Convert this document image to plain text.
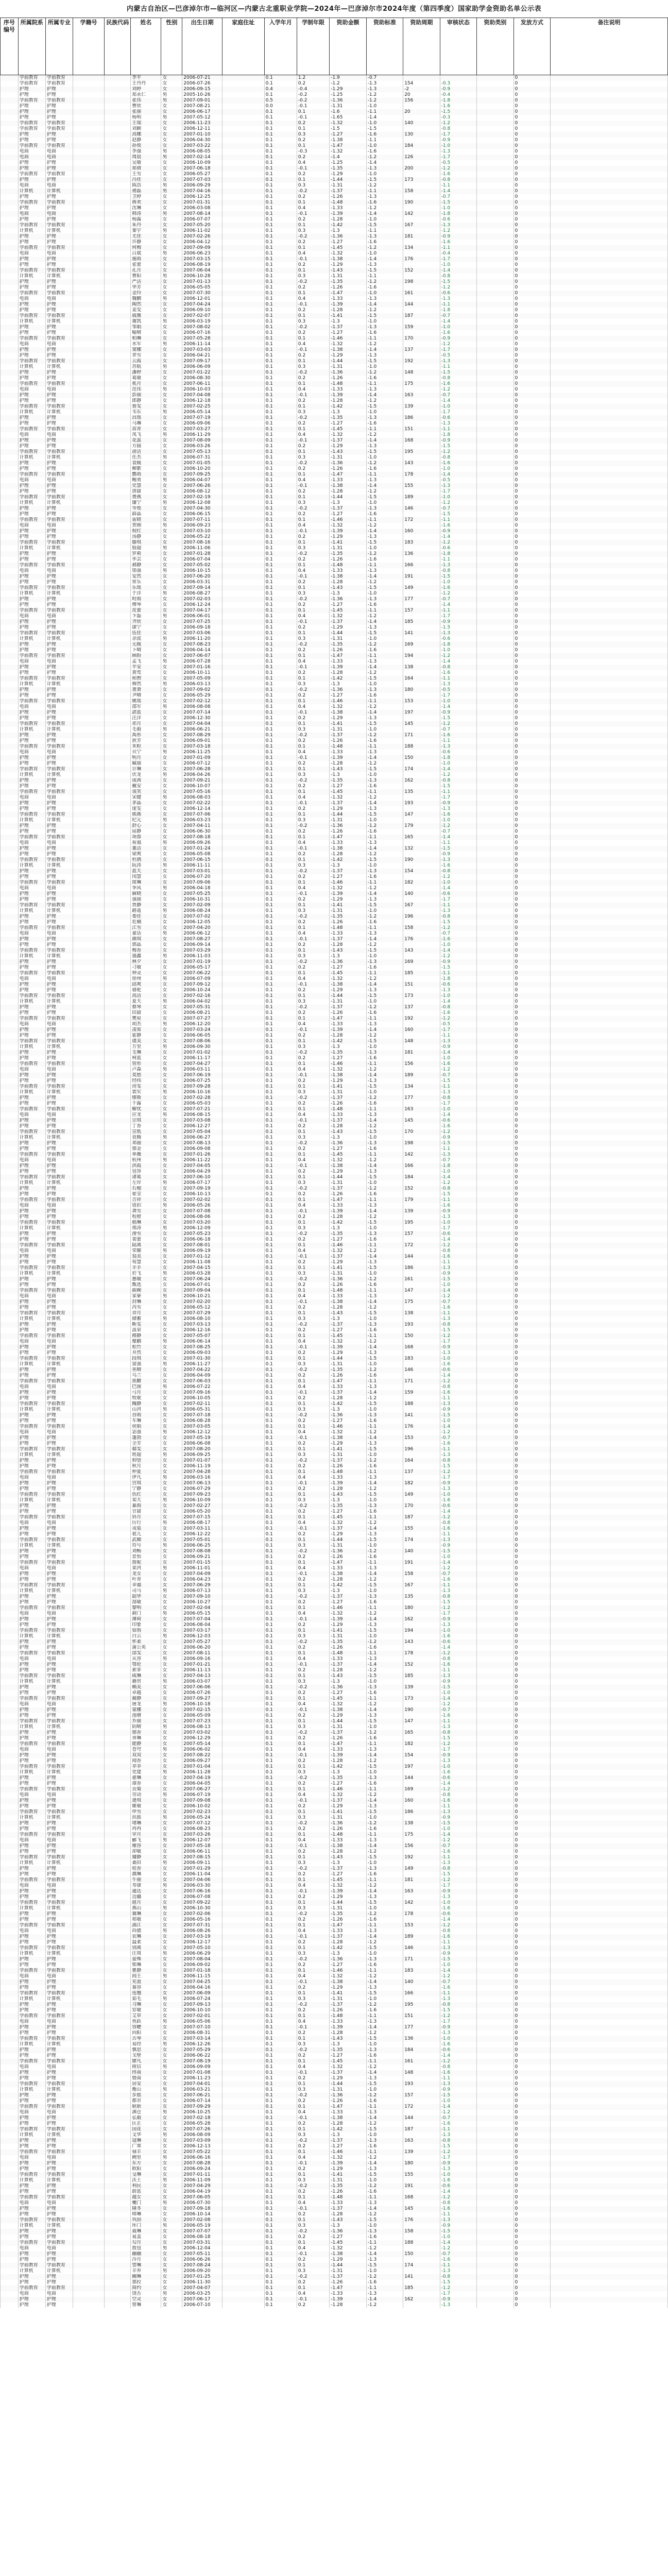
内蒙古自治区—巴彦淖尔市—临河区—内蒙古北重职业学院—2024年—巴彦淖尔市2024年度（第四季度）国家助学金资助名单公示表
序号编号	所属院系	所属专业	学籍号	民族代码	姓名	性别	出生日期	家庭住址	入学年月	学制年限	资助金额	资助标准	资助周期	审核状态	资助类别	发放方式	备注说明
	学前教育	学前教育			李平	女	2006-07-21		0.1	1.2	-1.9	-0.7				0	
	学前教育	学前教育			王丹丹	女	2006-07-26		0.1	0.2	-1.2	-1.3	154	-0.3		0	
	护理	护理			刘婷	女	2006-09-15		0.4	-0.4	-1.29	-1.3	-2	-0.9		0	
	护理	护理			郑永仁	男	2005-10-26		0.1	-0.2	-1.25	-1.2	20	-0.4		0	
	学前教育	学前教育			张伟	男	2007-09-01		0.5	-0.2	-1.36	-1.2	156	-1.8		0	
	护理	护理			曹欣	女	2007-08-21		0.0	-0.1	-1.31	-1.0		-1.6		0	
	护理	护理			张丽	女	2006-06-17		0.1	0.1	-1.6	-1.1	20	-1.5		0	
	护理	护理			杨明	男	2007-05-12		0.1	-0.1	-1.65	-1.4		-0.3		0	
	学前教育	学前教育			王瑞	女	2006-11-23		0.1	0.2	-1.32	-1.0	140	-1.2		0	
	学前教育	学前教育			刘颖	女	2006-12-11		0.1	0.1	-1.5	-1.5		-0.8		0	
	护理	护理			高娜	女	2007-01-10		0.1	0.3	-1.27	-1.6	130	-1.7		0	
	护理	护理			赵静	女	2006-04-30		0.1	0.2	-1.38	-1.1		-0.9		0	
	学前教育	学前教育			孙悦	女	2007-03-22		0.1	0.1	-1.47	-1.0	184	-1.0		0	
	电商	电商			李强	男	2006-08-05		0.1	-0.3	-1.32	-1.6		-1.3		0	
	电商	电商			周晨	男	2007-02-14		0.1	0.2	-1.4	-1.2	126	-1.7		0	
	护理	护理			吴敏	女	2006-10-09		0.1	0.4	-1.25	-1.4		-0.5		0	
	护理	护理			郑倩	女	2007-06-18		0.1	-0.1	-1.35	-1.3	200	-1.2		0	
	学前教育	学前教育			王雪	女	2006-05-27		0.1	0.2	-1.29	-1.0		-1.6		0	
	护理	护理			冯佳	女	2007-07-03		0.1	0.1	-1.44	-1.5	173	-0.8		0	
	电商	电商			陈浩	男	2006-09-29		0.1	0.3	-1.31	-1.2		-1.1		0	
	计算机	计算机			褚磊	男	2007-04-16		0.1	-0.2	-1.37	-1.1	158	-1.4		0	
	护理	护理			卫婷	女	2006-12-25		0.1	0.2	-1.26	-1.3		-0.7		0	
	学前教育	学前教育			蒋欢	女	2007-01-31		0.1	0.1	-1.48	-1.6	190	-1.5		0	
	护理	护理			沈琳	女	2006-03-08		0.1	0.4	-1.33	-1.2		-1.0		0	
	电商	电商			韩涛	男	2007-08-14		0.1	-0.1	-1.39	-1.4	142	-1.8		0	
	护理	护理			杨露	女	2006-07-07		0.1	0.2	-1.28	-1.0		-0.6		0	
	学前教育	学前教育			朱丹	女	2007-05-20		0.1	0.1	-1.42	-1.5	167	-1.3		0	
	计算机	计算机			秦宇	男	2006-11-02		0.1	0.3	-1.3	-1.1		-1.2		0	
	护理	护理			尤佳	女	2007-02-26		0.1	-0.2	-1.36	-1.3	181	-0.9		0	
	护理	护理			许静	女	2006-04-12		0.1	0.2	-1.27	-1.6		-1.6		0	
	学前教育	学前教育			何梅	女	2007-09-09		0.1	0.1	-1.45	-1.2	134	-1.1		0	
	电商	电商			吕斌	男	2006-06-23		0.1	0.4	-1.32	-1.0		-0.4		0	
	护理	护理			施雨	女	2007-03-15		0.1	-0.1	-1.38	-1.4	176	-1.7		0	
	护理	护理			张蕾	女	2006-08-19		0.1	0.2	-1.29	-1.3		-1.0		0	
	学前教育	学前教育			孔月	女	2007-06-04		0.1	0.1	-1.43	-1.5	152	-1.4		0	
	计算机	计算机			曹阳	男	2006-10-28		0.1	0.3	-1.31	-1.1		-0.8		0	
	护理	护理			严洁	女	2007-01-13		0.1	-0.2	-1.35	-1.2	198	-1.5		0	
	护理	护理			华芳	女	2006-05-05		0.1	0.2	-1.26	-1.6		-1.2		0	
	学前教育	学前教育			金玲	女	2007-07-30		0.1	0.1	-1.47	-1.0	161	-0.6		0	
	电商	电商			魏鹏	男	2006-12-01		0.1	0.4	-1.33	-1.3		-1.3		0	
	护理	护理			陶然	女	2007-04-24		0.1	-0.1	-1.39	-1.4	144	-1.1		0	
	护理	护理			姜雯	女	2006-09-10		0.1	0.2	-1.28	-1.2		-1.8		0	
	学前教育	学前教育			戚薇	女	2007-02-07		0.1	0.1	-1.41	-1.5	187	-0.7		0	
	计算机	计算机			谢凯	男	2006-03-19		0.1	0.3	-1.3	-1.0		-1.4		0	
	护理	护理			邹娟	女	2007-08-02		0.1	-0.2	-1.37	-1.3	159	-1.0		0	
	护理	护理			喻晴	女	2006-07-16		0.1	0.2	-1.27	-1.6		-1.6		0	
	学前教育	学前教育			柏琳	女	2007-05-28		0.1	0.1	-1.46	-1.1	170	-0.9		0	
	电商	电商			水军	男	2006-11-14		0.1	0.4	-1.32	-1.2		-1.2		0	
	护理	护理			窦娜	女	2007-03-03		0.1	-0.1	-1.38	-1.4	137	-1.7		0	
	护理	护理			章雪	女	2006-04-21		0.1	0.2	-1.29	-1.3		-0.5		0	
	学前教育	学前教育			云霞	女	2007-09-17		0.1	0.1	-1.44	-1.5	192	-1.3		0	
	计算机	计算机			苏航	男	2006-06-09		0.1	0.3	-1.31	-1.0		-1.1		0	
	护理	护理			潘婷	女	2007-01-22		0.1	-0.2	-1.36	-1.2	148	-1.5		0	
	护理	护理			葛敏	女	2006-08-30		0.1	0.2	-1.26	-1.6		-0.8		0	
	学前教育	学前教育			奚月	女	2007-06-11		0.1	0.1	-1.48	-1.1	175	-1.6		0	
	电商	电商			范伟	男	2006-10-03		0.1	0.4	-1.33	-1.3		-1.2		0	
	护理	护理			彭丽	女	2007-04-08		0.1	-0.1	-1.39	-1.4	163	-0.7		0	
	护理	护理			郎静	女	2006-12-18		0.1	0.2	-1.28	-1.2		-1.4		0	
	学前教育	学前教育			鲁雯	女	2007-02-25		0.1	0.1	-1.42	-1.5	139	-1.0		0	
	计算机	计算机			韦东	男	2006-05-14		0.1	0.3	-1.3	-1.0		-1.7		0	
	护理	护理			昌瑶	女	2007-07-19		0.1	-0.2	-1.35	-1.3	186	-0.6		0	
	护理	护理			马琳	女	2006-09-06		0.1	0.2	-1.27	-1.6		-1.3		0	
	学前教育	学前教育			苗青	女	2007-03-27		0.1	0.1	-1.45	-1.1	151	-1.1		0	
	电商	电商			凤飞	男	2006-11-29		0.1	0.4	-1.32	-1.2		-1.8		0	
	护理	护理			花蕊	女	2007-08-09		0.1	-0.1	-1.37	-1.4	168	-0.9		0	
	护理	护理			方圆	女	2006-03-26		0.1	0.2	-1.29	-1.3		-1.5		0	
	学前教育	学前教育			俞洁	女	2007-05-13		0.1	0.1	-1.43	-1.5	195	-1.2		0	
	计算机	计算机			任杰	男	2006-07-31		0.1	0.3	-1.31	-1.0		-0.8		0	
	护理	护理			袁媛	女	2007-01-05		0.1	-0.2	-1.36	-1.2	143	-1.6		0	
	护理	护理			柳絮	女	2006-10-20		0.1	0.2	-1.26	-1.6		-1.0		0	
	学前教育	学前教育			酆雨	女	2007-09-25		0.1	0.1	-1.47	-1.1	178	-1.4		0	
	电商	电商			鲍勇	男	2006-04-07		0.1	0.4	-1.33	-1.3		-0.5		0	
	护理	护理			史慧	女	2007-06-26		0.1	-0.1	-1.38	-1.4	155	-1.3		0	
	护理	护理			唐甜	女	2006-08-12		0.1	0.2	-1.28	-1.2		-1.7		0	
	学前教育	学前教育			费燕	女	2007-02-19		0.1	0.1	-1.44	-1.5	189	-1.0		0	
	计算机	计算机			廉宁	男	2006-12-08		0.1	0.3	-1.3	-1.0		-1.2		0	
	护理	护理			岑悦	女	2007-04-30		0.1	-0.2	-1.37	-1.3	146	-0.7		0	
	护理	护理			薛晶	女	2006-06-15		0.1	0.2	-1.27	-1.6		-1.5		0	
	学前教育	学前教育			雷晓	女	2007-07-11		0.1	0.1	-1.46	-1.1	172	-1.1		0	
	电商	电商			贺刚	男	2006-09-23		0.1	0.4	-1.32	-1.2		-1.6		0	
	护理	护理			倪红	女	2007-03-10		0.1	-0.1	-1.39	-1.4	160	-0.9		0	
	护理	护理			汤静	女	2006-05-22		0.1	0.2	-1.29	-1.3		-1.4		0	
	学前教育	学前教育			滕琪	女	2007-08-16		0.1	0.1	-1.41	-1.5	183	-1.2		0	
	计算机	计算机			殷超	男	2006-11-06		0.1	0.3	-1.31	-1.0		-0.6		0	
	护理	护理			罗莉	女	2007-01-28		0.1	-0.2	-1.35	-1.2	136	-1.8		0	
	护理	护理			毕芸	女	2006-07-04		0.1	0.2	-1.26	-1.6		-1.1		0	
	学前教育	学前教育			郝静	女	2007-05-02		0.1	0.1	-1.48	-1.1	166	-1.3		0	
	电商	电商			邬强	男	2006-10-15		0.1	0.4	-1.33	-1.3		-0.8		0	
	护理	护理			安然	女	2007-06-20		0.1	-0.1	-1.38	-1.4	191	-1.5		0	
	护理	护理			常乐	女	2006-03-31		0.1	0.2	-1.28	-1.2		-1.0		0	
	学前教育	学前教育			乐瑶	女	2007-09-14		0.1	0.1	-1.43	-1.5	149	-1.6		0	
	计算机	计算机			于洋	男	2006-08-27		0.1	0.3	-1.3	-1.0		-1.2		0	
	护理	护理			时雨	女	2007-02-03		0.1	-0.2	-1.36	-1.3	177	-0.7		0	
	护理	护理			傅琴	女	2006-12-24		0.1	0.2	-1.27	-1.6		-1.4		0	
	学前教育	学前教育			皮蕾	女	2007-04-17		0.1	0.1	-1.45	-1.1	157	-1.1		0	
	电商	电商			卞磊	男	2006-06-01		0.1	0.4	-1.32	-1.2		-1.7		0	
	护理	护理			齐欣	女	2007-07-25		0.1	-0.1	-1.37	-1.4	185	-0.9		0	
	护理	护理			康宁	女	2006-09-18		0.1	0.2	-1.29	-1.3		-1.5		0	
	学前教育	学前教育			伍佳	女	2007-03-06		0.1	0.1	-1.44	-1.5	141	-1.3		0	
	计算机	计算机			余波	男	2006-11-20		0.1	0.3	-1.31	-1.0		-0.6		0	
	护理	护理			元媛	女	2007-08-23		0.1	-0.2	-1.35	-1.2	169	-1.8		0	
	护理	护理			卜晴	女	2006-04-14		0.1	0.2	-1.26	-1.6		-1.0		0	
	学前教育	学前教育			顾盼	女	2007-06-07		0.1	0.1	-1.47	-1.1	194	-1.2		0	
	电商	电商			孟飞	男	2006-07-28		0.1	0.4	-1.33	-1.3		-1.4		0	
	护理	护理			平安	女	2007-01-16		0.1	-0.1	-1.39	-1.4	138	-0.8		0	
	护理	护理			黄莺	女	2006-10-11		0.1	0.2	-1.28	-1.2		-1.6		0	
	学前教育	学前教育			和煦	女	2007-05-09		0.1	0.1	-1.42	-1.5	164	-1.1		0	
	计算机	计算机			穆然	男	2006-03-13		0.1	0.3	-1.3	-1.0		-1.3		0	
	护理	护理			萧萧	女	2007-09-02		0.1	-0.2	-1.36	-1.3	180	-0.5		0	
	护理	护理			尹晴	女	2006-05-29		0.1	0.2	-1.27	-1.6		-1.7		0	
	学前教育	学前教育			姚瑶	女	2007-02-12		0.1	0.1	-1.46	-1.1	153	-1.0		0	
	电商	电商			邵军	男	2006-08-08		0.1	0.4	-1.32	-1.2		-1.4		0	
	护理	护理			湛蓝	女	2007-07-14		0.1	-0.1	-1.38	-1.4	197	-0.9		0	
	护理	护理			汪洋	女	2006-12-30		0.1	0.2	-1.29	-1.3		-1.5		0	
	学前教育	学前教育			祁月	女	2007-04-04		0.1	0.1	-1.41	-1.5	145	-1.2		0	
	计算机	计算机			毛毅	男	2006-06-21		0.1	0.3	-1.31	-1.0		-0.7		0	
	护理	护理			禹彤	女	2007-08-29		0.1	-0.2	-1.37	-1.2	171	-1.6		0	
	护理	护理			狄芳	女	2006-09-01		0.1	0.2	-1.26	-1.6		-1.1		0	
	学前教育	学前教育			米粒	女	2007-03-18		0.1	0.1	-1.48	-1.1	188	-1.3		0	
	电商	电商			贝宁	男	2006-11-25		0.1	0.4	-1.33	-1.3		-0.6		0	
	护理	护理			明月	女	2007-01-09		0.1	-0.1	-1.39	-1.4	150	-1.8		0	
	护理	护理			臧丽	女	2006-07-12		0.1	0.2	-1.28	-1.2		-1.0		0	
	学前教育	学前教育			计琳	女	2007-06-28		0.1	0.1	-1.43	-1.5	174	-1.4		0	
	计算机	计算机			伏龙	男	2006-04-26		0.1	0.3	-1.3	-1.0		-1.2		0	
	护理	护理			成茜	女	2007-09-21		0.1	-0.2	-1.35	-1.3	162	-0.8		0	
	护理	护理			戴安	女	2006-10-07		0.1	0.2	-1.27	-1.6		-1.5		0	
	学前教育	学前教育			谈笑	女	2007-05-16		0.1	0.1	-1.45	-1.1	135	-1.1		0	
	电商	电商			宋健	男	2006-08-03		0.1	0.4	-1.32	-1.2		-1.7		0	
	护理	护理			茅晶	女	2007-02-22		0.1	-0.1	-1.37	-1.4	193	-0.9		0	
	护理	护理			庞雯	女	2006-12-14		0.1	0.2	-1.29	-1.3		-1.3		0	
	学前教育	学前教育			熊燕	女	2007-07-06		0.1	0.1	-1.44	-1.5	147	-1.6		0	
	计算机	计算机			纪元	男	2006-03-23		0.1	0.3	-1.31	-1.0		-1.0		0	
	护理	护理			舒心	女	2007-04-11		0.1	-0.2	-1.36	-1.2	179	-1.2		0	
	护理	护理			屈静	女	2006-06-30		0.1	0.2	-1.26	-1.6		-0.7		0	
	学前教育	学前教育			项蓉	女	2007-08-18		0.1	0.1	-1.47	-1.1	165	-1.4		0	
	电商	电商			祝福	男	2006-09-26		0.1	0.4	-1.33	-1.3		-1.1		0	
	护理	护理			董洁	女	2007-01-24		0.1	-0.1	-1.38	-1.4	132	-1.5		0	
	护理	护理			梁爽	女	2006-05-08		0.1	0.2	-1.28	-1.2		-0.9		0	
	学前教育	学前教育			杜鹃	女	2007-06-15		0.1	0.1	-1.42	-1.5	190	-1.3		0	
	计算机	计算机			阮涛	男	2006-11-11		0.1	0.3	-1.3	-1.0		-1.6		0	
	护理	护理			蓝天	女	2007-03-01		0.1	-0.2	-1.37	-1.3	154	-0.8		0	
	护理	护理			闵慧	女	2006-07-20		0.1	0.2	-1.27	-1.6		-1.2		0	
	学前教育	学前教育			席琳	女	2007-09-06		0.1	0.1	-1.46	-1.1	182	-1.0		0	
	电商	电商			季风	男	2006-04-18		0.1	0.4	-1.32	-1.2		-1.4		0	
	护理	护理			麻晓	女	2007-05-25		0.1	-0.1	-1.39	-1.4	140	-0.6		0	
	护理	护理			强丽	女	2006-10-31		0.1	0.2	-1.29	-1.3		-1.7		0	
	学前教育	学前教育			贾静	女	2007-02-09		0.1	0.1	-1.41	-1.5	167	-1.1		0	
	计算机	计算机			路遥	男	2006-08-24		0.1	0.3	-1.31	-1.0		-1.3		0	
	护理	护理			娄佳	女	2007-07-02		0.1	-0.2	-1.35	-1.2	196	-0.8		0	
	护理	护理			危楠	女	2006-12-05		0.1	0.2	-1.26	-1.6		-1.5		0	
	学前教育	学前教育			江雪	女	2007-04-20		0.1	0.1	-1.48	-1.1	158	-1.2		0	
	电商	电商			童话	男	2006-06-12		0.1	0.4	-1.33	-1.3		-0.7		0	
	护理	护理			颜琪	女	2007-08-27		0.1	-0.1	-1.37	-1.4	176	-1.6		0	
	护理	护理			郭晶	女	2006-09-14		0.1	0.2	-1.28	-1.2		-1.0		0	
	学前教育	学前教育			梅香	女	2007-03-29		0.1	0.1	-1.43	-1.5	143	-1.4		0	
	计算机	计算机			盛鑫	男	2006-11-03		0.1	0.3	-1.3	-1.0		-1.2		0	
	护理	护理			林夕	女	2007-01-19		0.1	-0.2	-1.36	-1.3	169	-0.9		0	
	护理	护理			刁敏	女	2006-05-17		0.1	0.2	-1.27	-1.6		-1.5		0	
	学前教育	学前教育			钟灵	女	2007-06-22		0.1	0.1	-1.45	-1.1	185	-1.1		0	
	电商	电商			徐州	男	2006-07-09		0.1	0.4	-1.32	-1.2		-1.8		0	
	护理	护理			邱爽	女	2007-09-12		0.1	-0.1	-1.38	-1.4	151	-0.6		0	
	护理	护理			骆驼	女	2006-10-24		0.1	0.2	-1.29	-1.3		-1.3		0	
	学前教育	学前教育			高洁	女	2007-02-16		0.1	0.1	-1.44	-1.5	173	-1.0		0	
	计算机	计算机			夏天	男	2006-04-02		0.1	0.3	-1.31	-1.0		-1.4		0	
	护理	护理			蔡琴	女	2007-05-31		0.1	-0.2	-1.37	-1.2	137	-0.8		0	
	护理	护理			田甜	女	2006-08-21		0.1	0.2	-1.26	-1.6		-1.6		0	
	学前教育	学前教育			樊星	女	2007-07-27		0.1	0.1	-1.47	-1.1	192	-1.2		0	
	电商	电商			胡杰	男	2006-12-20		0.1	0.4	-1.33	-1.3		-0.5		0	
	护理	护理			凌霄	女	2007-03-24		0.1	-0.1	-1.39	-1.4	160	-1.7		0	
	护理	护理			霍静	女	2006-06-05		0.1	0.2	-1.28	-1.2		-1.1		0	
	学前教育	学前教育			虞美	女	2007-08-06		0.1	0.1	-1.42	-1.5	148	-1.3		0	
	计算机	计算机			万里	男	2006-09-30		0.1	0.3	-1.3	-1.0		-0.9		0	
	护理	护理			支琳	女	2007-01-02		0.1	-0.2	-1.35	-1.3	181	-1.4		0	
	护理	护理			柯蓝	女	2006-11-17		0.1	0.2	-1.27	-1.6		-1.0		0	
	学前教育	学前教育			管彤	女	2007-04-27		0.1	0.1	-1.46	-1.1	156	-1.6		0	
	电商	电商			卢森	男	2006-03-11		0.1	0.4	-1.32	-1.2		-1.2		0	
	护理	护理			莫愁	女	2007-06-19		0.1	-0.1	-1.38	-1.4	189	-0.7		0	
	护理	护理			经纬	女	2006-07-25		0.1	0.2	-1.29	-1.3		-1.5		0	
	学前教育	学前教育			房雯	女	2007-09-28		0.1	0.1	-1.41	-1.5	134	-1.1		0	
	计算机	计算机			裘实	男	2006-10-16		0.1	0.3	-1.31	-1.0		-1.3		0	
	护理	护理			缪斯	女	2007-02-28		0.1	-0.2	-1.37	-1.2	177	-0.8		0	
	护理	护理			干露	女	2006-05-03		0.1	0.2	-1.26	-1.6		-1.7		0	
	学前教育	学前教育			解忧	女	2007-07-21		0.1	0.1	-1.48	-1.1	163	-1.0		0	
	电商	电商			应龙	男	2006-08-15		0.1	0.4	-1.33	-1.3		-1.4		0	
	护理	护理			宗琪	女	2007-03-08		0.1	-0.1	-1.37	-1.4	145	-0.6		0	
	护理	护理			丁香	女	2006-12-27		0.1	0.2	-1.28	-1.2		-1.6		0	
	学前教育	学前教育			宣纸	女	2007-05-04		0.1	0.1	-1.43	-1.5	170	-1.2		0	
	计算机	计算机			贲腾	男	2006-06-27		0.1	0.3	-1.3	-1.0		-0.9		0	
	护理	护理			邓丽	女	2007-08-13		0.1	-0.2	-1.36	-1.3	198	-1.5		0	
	护理	护理			郁金	女	2006-09-08		0.1	0.2	-1.27	-1.6		-1.1		0	
	学前教育	学前教育			单薇	女	2007-01-26		0.1	0.1	-1.45	-1.1	142	-1.3		0	
	电商	电商			杭州	男	2006-11-22		0.1	0.4	-1.32	-1.2		-0.7		0	
	护理	护理			洪霞	女	2007-04-05		0.1	-0.1	-1.38	-1.4	166	-1.8		0	
	护理	护理			包容	女	2006-04-29		0.1	0.2	-1.29	-1.3		-1.0		0	
	学前教育	学前教育			诸葛	女	2007-06-10		0.1	0.1	-1.44	-1.5	184	-1.4		0	
	计算机	计算机			左岸	男	2006-07-17		0.1	0.3	-1.31	-1.0		-1.2		0	
	护理	护理			石榴	女	2007-09-19		0.1	-0.2	-1.37	-1.2	152	-0.8		0	
	护理	护理			崔莹	女	2006-10-13		0.1	0.2	-1.26	-1.6		-1.5		0	
	学前教育	学前教育			吉祥	女	2007-02-02		0.1	0.1	-1.47	-1.1	179	-1.1		0	
	电商	电商			钮扣	男	2006-05-26		0.1	0.4	-1.33	-1.3		-1.6		0	
	护理	护理			龚雪	女	2007-07-08		0.1	-0.1	-1.39	-1.4	139	-0.9		0	
	护理	护理			程橙	女	2006-08-06		0.1	0.2	-1.28	-1.2		-1.3		0	
	学前教育	学前教育			嵇琳	女	2007-03-20		0.1	0.1	-1.42	-1.5	195	-1.0		0	
	计算机	计算机			邢涛	男	2006-12-09		0.1	0.3	-1.3	-1.0		-1.7		0	
	护理	护理			滑雪	女	2007-05-23		0.1	-0.2	-1.35	-1.3	157	-0.6		0	
	护理	护理			裴蕾	女	2006-06-18		0.1	0.2	-1.27	-1.6		-1.4		0	
	学前教育	学前教育			陆离	女	2007-08-01		0.1	0.1	-1.46	-1.1	172	-1.2		0	
	电商	电商			荣耀	男	2006-09-19		0.1	0.4	-1.32	-1.2		-0.8		0	
	护理	护理			翁美	女	2007-01-12		0.1	-0.1	-1.37	-1.4	144	-1.6		0	
	护理	护理			荀慧	女	2006-11-08		0.1	0.2	-1.29	-1.3		-1.1		0	
	学前教育	学前教育			羊羊	女	2007-04-15		0.1	0.1	-1.41	-1.5	186	-1.3		0	
	计算机	计算机			於飞	男	2006-03-28		0.1	0.3	-1.31	-1.0		-0.9		0	
	护理	护理			惠敏	女	2007-06-24		0.1	-0.2	-1.36	-1.2	161	-1.5		0	
	护理	护理			甄选	女	2006-07-01		0.1	0.2	-1.26	-1.6		-1.0		0	
	学前教育	学前教育			曲婉	女	2007-09-04		0.1	0.1	-1.48	-1.1	147	-1.4		0	
	电商	电商			家豪	男	2006-10-21		0.1	0.4	-1.33	-1.3		-1.2		0	
	护理	护理			封琳	女	2007-02-20		0.1	-0.1	-1.38	-1.4	175	-0.7		0	
	护理	护理			芮雪	女	2006-05-12		0.1	0.2	-1.28	-1.2		-1.6		0	
	学前教育	学前教育			羿月	女	2007-07-29		0.1	0.1	-1.43	-1.5	138	-1.1		0	
	计算机	计算机			储蓄	男	2006-08-10		0.1	0.3	-1.3	-1.0		-1.3		0	
	护理	护理			靳雯	女	2007-03-13		0.1	-0.2	-1.37	-1.3	193	-0.8		0	
	护理	护理			汲泉	女	2006-12-16		0.1	0.2	-1.27	-1.6		-1.5		0	
	学前教育	学前教育			邴静	女	2007-05-07		0.1	0.1	-1.45	-1.1	150	-1.2		0	
	电商	电商			糜鹏	男	2006-06-14		0.1	0.4	-1.32	-1.2		-1.7		0	
	护理	护理			松竹	女	2007-08-25		0.1	-0.1	-1.39	-1.4	168	-0.9		0	
	护理	护理			井然	女	2006-09-03		0.1	0.2	-1.29	-1.3		-1.3		0	
	学前教育	学前教育			段琪	女	2007-01-30		0.1	0.1	-1.44	-1.5	183	-1.0		0	
	计算机	计算机			富强	男	2006-11-27		0.1	0.3	-1.31	-1.0		-1.6		0	
	护理	护理			巫晴	女	2007-04-22		0.1	-0.2	-1.35	-1.2	146	-0.6		0	
	护理	护理			乌兰	女	2006-04-09		0.1	0.2	-1.26	-1.6		-1.4		0	
	学前教育	学前教育			焦糖	女	2007-06-03		0.1	0.1	-1.47	-1.1	171	-1.2		0	
	电商	电商			巴图	男	2006-07-22		0.1	0.4	-1.33	-1.3		-0.8		0	
	护理	护理			弓月	女	2007-09-16		0.1	-0.1	-1.37	-1.4	159	-1.6		0	
	护理	护理			牧歌	女	2006-10-05		0.1	0.2	-1.28	-1.2		-1.1		0	
	学前教育	学前教育			隗静	女	2007-02-11		0.1	0.1	-1.42	-1.5	188	-1.3		0	
	计算机	计算机			山河	男	2006-05-31		0.1	0.3	-1.3	-1.0		-0.9		0	
	护理	护理			谷雨	女	2007-07-18		0.1	-0.2	-1.36	-1.3	141	-1.5		0	
	护理	护理			车琳	女	2006-08-28		0.1	0.2	-1.27	-1.6		-1.0		0	
	学前教育	学前教育			侯娟	女	2007-03-05		0.1	0.1	-1.46	-1.1	176	-1.4		0	
	电商	电商			宓强	男	2006-12-12		0.1	0.4	-1.32	-1.2		-1.2		0	
	护理	护理			蓬勃	女	2007-05-19		0.1	-0.1	-1.38	-1.4	153	-0.7		0	
	护理	护理			全芳	女	2006-06-08		0.1	0.2	-1.29	-1.3		-1.6		0	
	学前教育	学前教育			郗雯	女	2007-08-20		0.1	0.1	-1.41	-1.5	196	-1.1		0	
	计算机	计算机			班超	男	2006-09-25		0.1	0.3	-1.31	-1.0		-1.3		0	
	护理	护理			仰望	女	2007-01-07		0.1	-0.2	-1.37	-1.2	164	-0.8		0	
	护理	护理			秋月	女	2006-11-19		0.1	0.2	-1.26	-1.6		-1.5		0	
	学前教育	学前教育			仲夏	女	2007-04-28		0.1	0.1	-1.48	-1.1	137	-1.2		0	
	电商	电商			伊凡	男	2006-03-16		0.1	0.4	-1.33	-1.3		-1.7		0	
	护理	护理			宫琪	女	2007-06-13		0.1	-0.1	-1.39	-1.4	182	-0.9		0	
	护理	护理			宁静	女	2006-07-29		0.1	0.2	-1.28	-1.2		-1.3		0	
	学前教育	学前教育			仇红	女	2007-09-23		0.1	0.1	-1.43	-1.5	149	-1.0		0	
	计算机	计算机			栾天	男	2006-10-09		0.1	0.3	-1.3	-1.0		-1.6		0	
	护理	护理			暴雨	女	2007-02-27		0.1	-0.2	-1.35	-1.3	170	-0.6		0	
	护理	护理			甘甜	女	2006-05-20		0.1	0.2	-1.27	-1.6		-1.4		0	
	学前教育	学前教育			钭月	女	2007-07-15		0.1	0.1	-1.45	-1.1	187	-1.2		0	
	电商	电商			厉行	男	2006-08-17		0.1	0.4	-1.32	-1.2		-0.8		0	
	护理	护理			戎装	女	2007-03-11		0.1	-0.1	-1.37	-1.4	155	-1.6		0	
	护理	护理			祖儿	女	2006-12-22		0.1	0.2	-1.29	-1.3		-1.1		0	
	学前教育	学前教育			武媚	女	2007-05-01		0.1	0.1	-1.44	-1.5	174	-1.3		0	
	计算机	计算机			符号	男	2006-06-25		0.1	0.3	-1.31	-1.0		-0.9		0	
	护理	护理			刘畅	女	2007-08-08		0.1	-0.2	-1.36	-1.2	140	-1.5		0	
	护理	护理			景怡	女	2006-09-21		0.1	0.2	-1.26	-1.6		-1.0		0	
	学前教育	学前教育			詹妮	女	2007-01-15		0.1	0.1	-1.47	-1.1	191	-1.4		0	
	电商	电商			束河	男	2006-11-01		0.1	0.4	-1.33	-1.3		-1.2		0	
	护理	护理			龙女	女	2007-04-09		0.1	-0.1	-1.38	-1.4	158	-0.7		0	
	护理	护理			叶青	女	2006-04-23		0.1	0.2	-1.28	-1.2		-1.6		0	
	学前教育	学前教育			幸福	女	2007-06-29		0.1	0.1	-1.42	-1.5	167	-1.1		0	
	计算机	计算机			司马	男	2006-07-13		0.1	0.3	-1.3	-1.0		-1.3		0	
	护理	护理			韶华	女	2007-09-10		0.1	-0.2	-1.37	-1.3	135	-0.8		0	
	护理	护理			郜敏	女	2006-10-27		0.1	0.2	-1.27	-1.6		-1.5		0	
	学前教育	学前教育			黎明	女	2007-02-04		0.1	0.1	-1.46	-1.1	180	-1.2		0	
	电商	电商			蓟门	男	2006-05-15		0.1	0.4	-1.32	-1.2		-1.7		0	
	护理	护理			薄荷	女	2007-07-04		0.1	-0.1	-1.39	-1.4	162	-0.9		0	
	护理	护理			印象	女	2006-08-04		0.1	0.2	-1.29	-1.3		-1.3		0	
	学前教育	学前教育			宿雨	女	2007-03-17		0.1	0.1	-1.41	-1.5	194	-1.0		0	
	计算机	计算机			白云	男	2006-12-03		0.1	0.3	-1.31	-1.0		-1.6		0	
	护理	护理			怀柔	女	2007-05-27		0.1	-0.2	-1.35	-1.2	143	-0.6		0	
	护理	护理			蒲公英	女	2006-06-20		0.1	0.2	-1.26	-1.6		-1.4		0	
	学前教育	学前教育			邰雯	女	2007-08-11		0.1	0.1	-1.48	-1.1	178	-1.2		0	
	电商	电商			从容	男	2006-09-16		0.1	0.4	-1.33	-1.3		-0.8		0	
	护理	护理			鄂伦	女	2007-01-21		0.1	-0.1	-1.37	-1.4	152	-1.6		0	
	护理	护理			索菲	女	2006-11-13		0.1	0.2	-1.28	-1.2		-1.1		0	
	学前教育	学前教育			咸琳	女	2007-04-13		0.1	0.1	-1.43	-1.5	185	-1.3		0	
	计算机	计算机			籍贯	男	2006-03-07		0.1	0.3	-1.3	-1.0		-0.9		0	
	护理	护理			赖美	女	2007-06-06		0.1	-0.2	-1.36	-1.3	139	-1.5		0	
	护理	护理			卓越	女	2006-07-26		0.1	0.2	-1.27	-1.6		-1.0		0	
	学前教育	学前教育			蔺静	女	2007-09-27		0.1	0.1	-1.45	-1.1	173	-1.4		0	
	电商	电商			屠龙	男	2006-10-18		0.1	0.4	-1.32	-1.2		-1.2		0	
	护理	护理			蒙娜	女	2007-02-15		0.1	-0.1	-1.38	-1.4	190	-0.7		0	
	护理	护理			池塘	女	2006-05-09		0.1	0.2	-1.29	-1.3		-1.6		0	
	学前教育	学前教育			乔丽	女	2007-07-23		0.1	0.1	-1.44	-1.5	147	-1.1		0	
	计算机	计算机			阴晴	男	2006-08-13		0.1	0.3	-1.31	-1.0		-1.3		0	
	护理	护理			郁香	女	2007-03-02		0.1	-0.2	-1.37	-1.2	165	-0.8		0	
	护理	护理			胥琳	女	2006-12-29		0.1	0.2	-1.26	-1.6		-1.5		0	
	学前教育	学前教育			能静	女	2007-05-14		0.1	0.1	-1.47	-1.1	182	-1.2		0	
	电商	电商			苍穹	男	2006-06-02		0.1	0.4	-1.33	-1.3		-1.7		0	
	护理	护理			双双	女	2007-08-22		0.1	-0.1	-1.39	-1.4	154	-0.9		0	
	护理	护理			闻香	女	2006-09-27		0.1	0.2	-1.28	-1.2		-1.3		0	
	学前教育	学前教育			莘莘	女	2007-01-04		0.1	0.1	-1.42	-1.5	197	-1.0		0	
	计算机	计算机			党建	男	2006-11-28		0.1	0.3	-1.3	-1.0		-1.6		0	
	护理	护理			翟琳	女	2007-04-19		0.1	-0.2	-1.35	-1.3	144	-0.6		0	
	护理	护理			谭香	女	2006-04-05		0.1	0.2	-1.27	-1.6		-1.4		0	
	学前教育	学前教育			贡菊	女	2007-06-27		0.1	0.1	-1.46	-1.1	169	-1.2		0	
	电商	电商			劳动	男	2006-07-19		0.1	0.4	-1.32	-1.2		-0.8		0	
	护理	护理			逄琪	女	2007-09-08		0.1	-0.1	-1.37	-1.4	160	-1.6		0	
	护理	护理			姬敏	女	2006-10-02		0.1	0.2	-1.29	-1.3		-1.1		0	
	学前教育	学前教育			申雪	女	2007-02-23		0.1	0.1	-1.41	-1.5	186	-1.3		0	
	计算机	计算机			扶摇	男	2006-05-24		0.1	0.3	-1.31	-1.0		-0.9		0	
	护理	护理			堵琳	女	2007-07-12		0.1	-0.2	-1.36	-1.2	138	-1.5		0	
	护理	护理			冉冉	女	2006-08-23		0.1	0.2	-1.26	-1.6		-1.0		0	
	学前教育	学前教育			宰月	女	2007-03-26		0.1	0.1	-1.48	-1.1	175	-1.4		0	
	电商	电商			郦飞	男	2006-12-07		0.1	0.4	-1.33	-1.3		-1.2		0	
	护理	护理			雍容	女	2007-05-18		0.1	-0.1	-1.38	-1.4	156	-0.7		0	
	护理	护理			却敏	女	2006-06-11		0.1	0.2	-1.28	-1.2		-1.6		0	
	学前教育	学前教育			璩静	女	2007-08-15		0.1	0.1	-1.43	-1.5	192	-1.1		0	
	计算机	计算机			桑田	男	2006-09-11		0.1	0.3	-1.3	-1.0		-1.3		0	
	护理	护理			桂香	女	2007-01-29		0.1	-0.2	-1.37	-1.3	149	-0.8		0	
	护理	护理			濮琳	女	2006-11-04		0.1	0.2	-1.27	-1.6		-1.5		0	
	学前教育	学前教育			牛丽	女	2007-04-06		0.1	0.1	-1.45	-1.1	181	-1.2		0	
	电商	电商			寿康	男	2006-03-30		0.1	0.4	-1.32	-1.2		-1.7		0	
	护理	护理			通达	女	2007-06-16		0.1	-0.1	-1.39	-1.4	163	-0.9		0	
	护理	护理			边疆	女	2006-07-08		0.1	0.2	-1.29	-1.3		-1.3		0	
	学前教育	学前教育			扈月	女	2007-09-22		0.1	0.1	-1.44	-1.5	142	-1.0		0	
	计算机	计算机			燕山	男	2006-10-30		0.1	0.3	-1.31	-1.0		-1.6		0	
	护理	护理			冀琳	女	2007-02-06		0.1	-0.2	-1.35	-1.2	178	-0.6		0	
	护理	护理			郏敏	女	2006-05-16		0.1	0.2	-1.26	-1.6		-1.4		0	
	学前教育	学前教育			浦江	女	2007-07-31		0.1	0.1	-1.47	-1.1	153	-1.2		0	
	电商	电商			尚德	男	2006-08-26		0.1	0.4	-1.33	-1.3		-0.8		0	
	护理	护理			农琳	女	2007-03-19		0.1	-0.1	-1.37	-1.4	189	-1.6		0	
	护理	护理			温柔	女	2006-12-17		0.1	0.2	-1.28	-1.2		-1.1		0	
	学前教育	学前教育			别离	女	2007-05-10		0.1	0.1	-1.42	-1.5	146	-1.3		0	
	计算机	计算机			庄周	男	2006-06-29		0.1	0.3	-1.3	-1.0		-0.9		0	
	护理	护理			晏殊	女	2007-08-04		0.1	-0.2	-1.36	-1.3	171	-1.5		0	
	护理	护理			柴琳	女	2006-09-02		0.1	0.2	-1.27	-1.6		-1.0		0	
	学前教育	学前教育			瞿静	女	2007-01-18		0.1	0.1	-1.46	-1.1	183	-1.4		0	
	电商	电商			阎王	男	2006-11-15		0.1	0.4	-1.32	-1.2		-1.2		0	
	护理	护理			充盈	女	2007-04-25		0.1	-0.1	-1.38	-1.4	140	-0.7		0	
	护理	护理			慕容	女	2006-04-16		0.1	0.2	-1.29	-1.3		-1.6		0	
	学前教育	学前教育			连翘	女	2007-06-09		0.1	0.1	-1.41	-1.5	166	-1.1		0	
	计算机	计算机			茹毛	男	2006-07-24		0.1	0.3	-1.31	-1.0		-1.3		0	
	护理	护理			习琳	女	2007-09-13		0.1	-0.2	-1.37	-1.2	195	-0.8		0	
	护理	护理			宦敏	女	2006-10-10		0.1	0.2	-1.26	-1.6		-1.5		0	
	学前教育	学前教育			艾草	女	2007-02-01		0.1	0.1	-1.48	-1.1	151	-1.2		0	
	电商	电商			鱼跃	男	2006-05-06		0.1	0.4	-1.33	-1.3		-1.7		0	
	护理	护理			容嬷	女	2007-07-10		0.1	-0.1	-1.39	-1.4	177	-0.9		0	
	护理	护理			向阳	女	2006-08-31		0.1	0.2	-1.28	-1.2		-1.3		0	
	学前教育	学前教育			古琴	女	2007-03-14		0.1	0.1	-1.43	-1.5	136	-1.0		0	
	计算机	计算机			易经	男	2006-12-26		0.1	0.3	-1.3	-1.0		-1.6		0	
	护理	护理			慎思	女	2007-05-29		0.1	-0.2	-1.35	-1.3	184	-0.6		0	
	护理	护理			戈壁	女	2006-06-22		0.1	0.2	-1.27	-1.6		-1.4		0	
	学前教育	学前教育			廖凡	女	2007-08-19		0.1	0.1	-1.45	-1.1	161	-1.2		0	
	电商	电商			庾信	男	2006-09-09		0.1	0.4	-1.32	-1.2		-0.8		0	
	护理	护理			终南	女	2007-01-08		0.1	-0.1	-1.37	-1.4	148	-1.6		0	
	护理	护理			暨南	女	2006-11-23		0.1	0.2	-1.29	-1.3		-1.1		0	
	学前教育	学前教育			居安	女	2007-04-01		0.1	0.1	-1.44	-1.5	193	-1.3		0	
	计算机	计算机			衡山	男	2006-03-21		0.1	0.3	-1.31	-1.0		-0.9		0	
	护理	护理			步摇	女	2007-06-21		0.1	-0.2	-1.36	-1.2	157	-1.5		0	
	护理	护理			都市	女	2006-07-14		0.1	0.2	-1.26	-1.6		-1.0		0	
	学前教育	学前教育			耿耿	女	2007-09-29		0.1	0.1	-1.47	-1.1	172	-1.4		0	
	电商	电商			满仓	男	2006-10-25		0.1	0.4	-1.33	-1.3		-1.2		0	
	护理	护理			弘毅	女	2007-02-18		0.1	-0.1	-1.38	-1.4	144	-0.7		0	
	护理	护理			匡正	女	2006-05-28		0.1	0.2	-1.28	-1.2		-1.6		0	
	学前教育	学前教育			国花	女	2007-07-26		0.1	0.1	-1.42	-1.5	187	-1.1		0	
	计算机	计算机			文华	男	2006-08-09		0.1	0.3	-1.3	-1.0		-1.3		0	
	护理	护理			寇琳	女	2007-03-09		0.1	-0.2	-1.37	-1.3	163	-0.8		0	
	护理	护理			广寒	女	2006-12-13		0.1	0.2	-1.27	-1.6		-1.5		0	
	学前教育	学前教育			禄丰	女	2007-05-22		0.1	0.1	-1.46	-1.1	139	-1.2		0	
	电商	电商			阙里	男	2006-06-16		0.1	0.4	-1.32	-1.2		-1.7		0	
	护理	护理			东方	女	2007-08-28		0.1	-0.1	-1.39	-1.4	180	-0.9		0	
	护理	护理			欧阳	女	2006-09-24		0.1	0.2	-1.29	-1.3		-1.3		0	
	学前教育	学前教育			殳琳	女	2007-01-11		0.1	0.1	-1.41	-1.5	155	-1.0		0	
	计算机	计算机			沃土	男	2006-11-09		0.1	0.3	-1.31	-1.0		-1.6		0	
	护理	护理			利民	女	2007-04-29		0.1	-0.2	-1.35	-1.2	191	-0.6		0	
	护理	护理			蔚蓝	女	2006-04-19		0.1	0.2	-1.26	-1.6		-1.4		0	
	学前教育	学前教育			越女	女	2007-06-05		0.1	0.1	-1.48	-1.1	168	-1.2		0	
	电商	电商			夔门	男	2006-07-30		0.1	0.4	-1.33	-1.3		-0.8		0	
	护理	护理			隆冬	女	2007-09-18		0.1	-0.1	-1.37	-1.4	145	-1.6		0	
	护理	护理			师琳	女	2006-10-14		0.1	0.2	-1.28	-1.2		-1.1		0	
	学前教育	学前教育			巩固	女	2007-02-08		0.1	0.1	-1.43	-1.5	176	-1.3		0	
	计算机	计算机			厍门	男	2006-05-19		0.1	0.3	-1.3	-1.0		-0.9		0	
	护理	护理			聂琳	女	2007-07-07		0.1	-0.2	-1.36	-1.3	158	-1.5		0	
	护理	护理			晁盖	女	2006-08-18		0.1	0.2	-1.27	-1.6		-1.0		0	
	学前教育	学前教育			勾月	女	2007-03-31		0.1	0.1	-1.45	-1.1	188	-1.4		0	
	电商	电商			敖包	男	2006-12-04		0.1	0.4	-1.32	-1.2		-1.2		0	
	护理	护理			融融	女	2007-05-11		0.1	-0.1	-1.38	-1.4	150	-0.7		0	
	护理	护理			冷月	女	2006-06-26		0.1	0.2	-1.29	-1.3		-1.6		0	
	学前教育	学前教育			訾琳	女	2007-08-24		0.1	0.1	-1.44	-1.5	174	-1.1		0	
	计算机	计算机			辛弃	男	2006-09-20		0.1	0.3	-1.31	-1.0		-1.3		0	
	护理	护理			阚琳	女	2007-01-25		0.1	-0.2	-1.37	-1.2	141	-0.8		0	
	护理	护理			那拉	女	2006-11-30		0.1	0.2	-1.26	-1.6		-1.5		0	
	学前教育	学前教育			简约	女	2007-04-07		0.1	0.1	-1.47	-1.1	185	-1.2		0	
	电商	电商			饶舌	男	2006-03-25		0.1	0.4	-1.33	-1.3		-1.7		0	
	护理	护理			空灵	女	2007-06-17		0.1	-0.1	-1.39	-1.4	162	-0.9		0	
	护理	护理			曾琳	女	2006-07-10		0.1	0.2	-1.28	-1.2		-1.3		0	
